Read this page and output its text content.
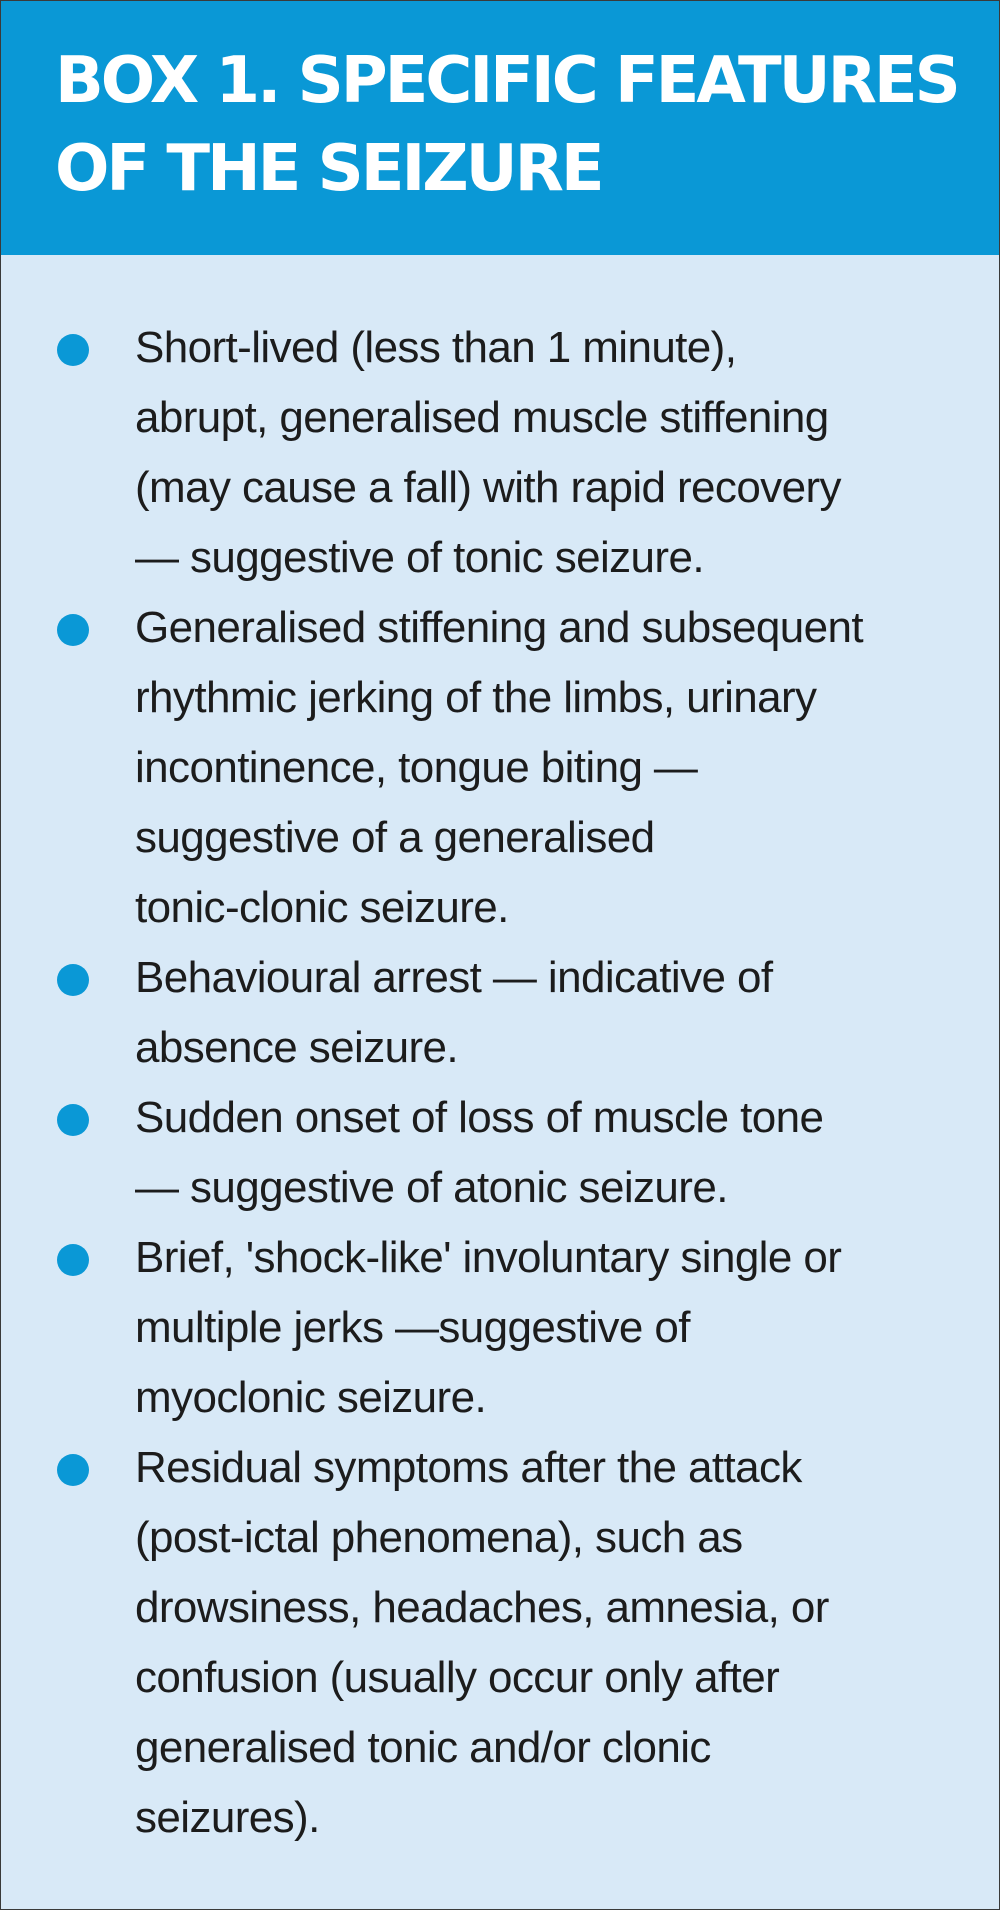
BOX 1. SPECIFIC FEATURES
OF THE SEIZURE
Short-lived (less than 1 minute),
abrupt, generalised muscle stiffening
(may cause a fall) with rapid recovery
— suggestive of tonic seizure.
Generalised stiffening and subsequent
rhythmic jerking of the limbs, urinary
incontinence, tongue biting —
suggestive of a generalised
tonic-clonic seizure.
Behavioural arrest — indicative of
absence seizure.
Sudden onset of loss of muscle tone
— suggestive of atonic seizure.
Brief, 'shock-like' involuntary single or
multiple jerks —suggestive of
myoclonic seizure.
Residual symptoms after the attack
(post-ictal phenomena), such as
drowsiness, headaches, amnesia, or
confusion (usually occur only after
generalised tonic and/or clonic
seizures).
